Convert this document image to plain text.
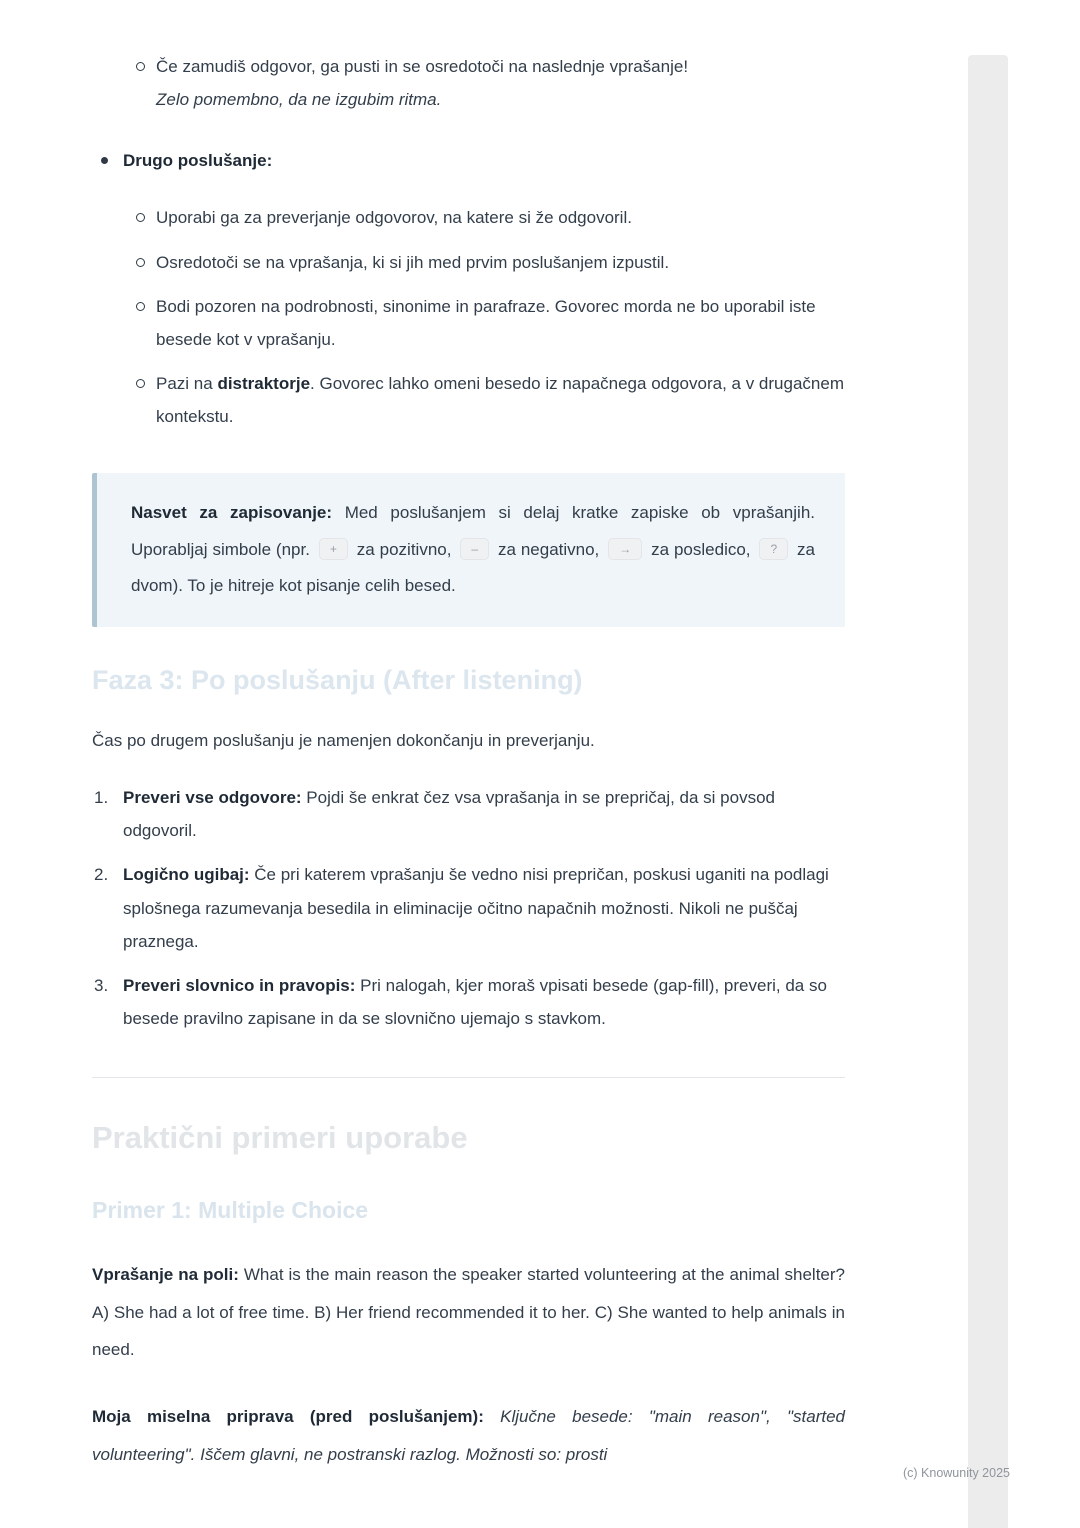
Če zamudiš odgovor, ga pusti in se osredotoči na naslednje vprašanje!
Zelo pomembno, da ne izgubim ritma.
Drugo poslušanje:
Uporabi ga za preverjanje odgovorov, na katere si že odgovoril.
Osredotoči se na vprašanja, ki si jih med prvim poslušanjem izpustil.
Bodi pozoren na podrobnosti, sinonime in parafraze. Govorec morda ne bo uporabil iste besede kot v vprašanju.
Pazi na distraktorje. Govorec lahko omeni besedo iz napačnega odgovora, a v drugačnem kontekstu.

Nasvet za zapisovanje: Med poslušanjem si delaj kratke zapiske ob vprašanjih. Uporabljaj simbole (npr. + za pozitivno, – za negativno, → za posledico, ? za dvom). To je hitreje kot pisanje celih besed.

Faza 3: Po poslušanju (After listening)

Čas po drugem poslušanju je namenjen dokončanju in preverjanju.

1. Preveri vse odgovore: Pojdi še enkrat čez vsa vprašanja in se prepričaj, da si povsod odgovoril.
2. Logično ugibaj: Če pri katerem vprašanju še vedno nisi prepričan, poskusi uganiti na podlagi splošnega razumevanja besedila in eliminacije očitno napačnih možnosti. Nikoli ne puščaj praznega.
3. Preveri slovnico in pravopis: Pri nalogah, kjer moraš vpisati besede (gap-fill), preveri, da so besede pravilno zapisane in da se slovnično ujemajo s stavkom.
Praktični primeri uporabe
Primer 1: Multiple Choice

Vprašanje na poli: What is the main reason the speaker started volunteering at the animal shelter? A) She had a lot of free time. B) Her friend recommended it to her. C) She wanted to help animals in need.

Moja miselna priprava (pred poslušanjem): Ključne besede: "main reason", "started volunteering". Iščem glavni, ne postranski razlog. Možnosti so: prosti

(c) Knowunity 2025
